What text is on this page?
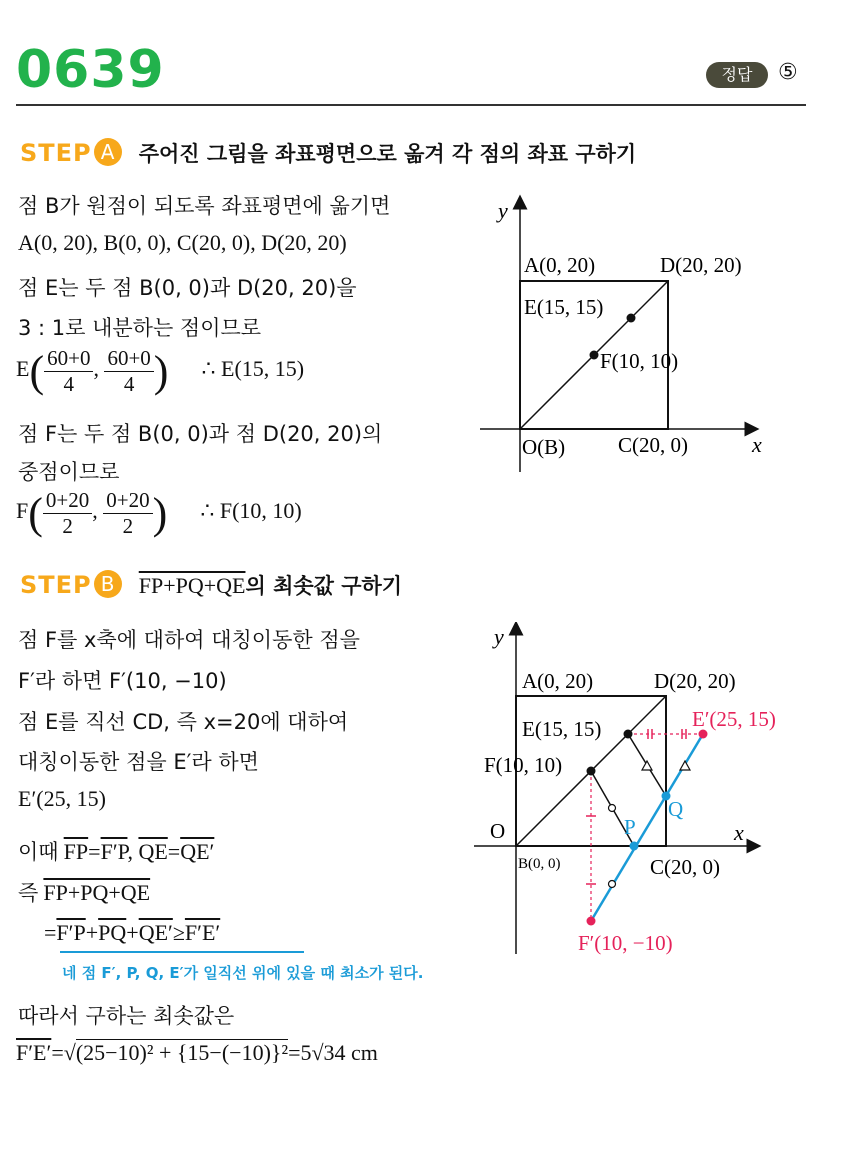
0639	정답	⑤
STEP A 주어진 그림을 좌표평면으로 옮겨 각 점의 좌표 구하기
점 B가 원점이 되도록 좌표평면에 옮기면
A(0, 20), B(0, 0), C(20, 0), D(20, 20)
점 E는 두 점 B(0, 0)과 D(20, 20)을
3 : 1로 내분하는 점이므로
$E( \frac{60+0}{4}$ , $\frac{60+0}{4}$ ) ∴ E(15, 15)
점 F는 두 점 B(0, 0)과 점 D(20, 20)의
중점이므로
$F( \frac{0+20}{2}$ , $\frac{0+20}{2}$ ) ∴ F(10, 10)
x
y
A(0, 20)	D(20, 20)
E(15, 15)
F(10, 10)
O(B)	C(20, 0)
STEP B FP+PQ+QE의 최솟값 구하기
점 F를 x축에 대하여 대칭이동한 점을
F′라 하면 F′(10, −10)
점 E를 직선 CD, 즉 x=20에 대하여
대칭이동한 점을 E′라 하면
E′(25, 15)
이때 $\overline{FP}=F'P$, $\overline{QE}=QE'$
즉 FP+PQ+QE
$=F'P+\overline{PQ}+QE'\ge F'E'$
네 점 F′, P, Q, E′가 일직선 위에 있을 때 최소가 된다.
따라서 구하는 최솟값은
F′E′=√(25−10)² + {15−(−10)}²=5√34 cm
x
y
A(0, 20)	D(20, 20)
E(15, 15)	E′(25, 15)
F(10, 10)
O
B(0, 0)	C(20, 0)
P
Q
F′(10, −10)
